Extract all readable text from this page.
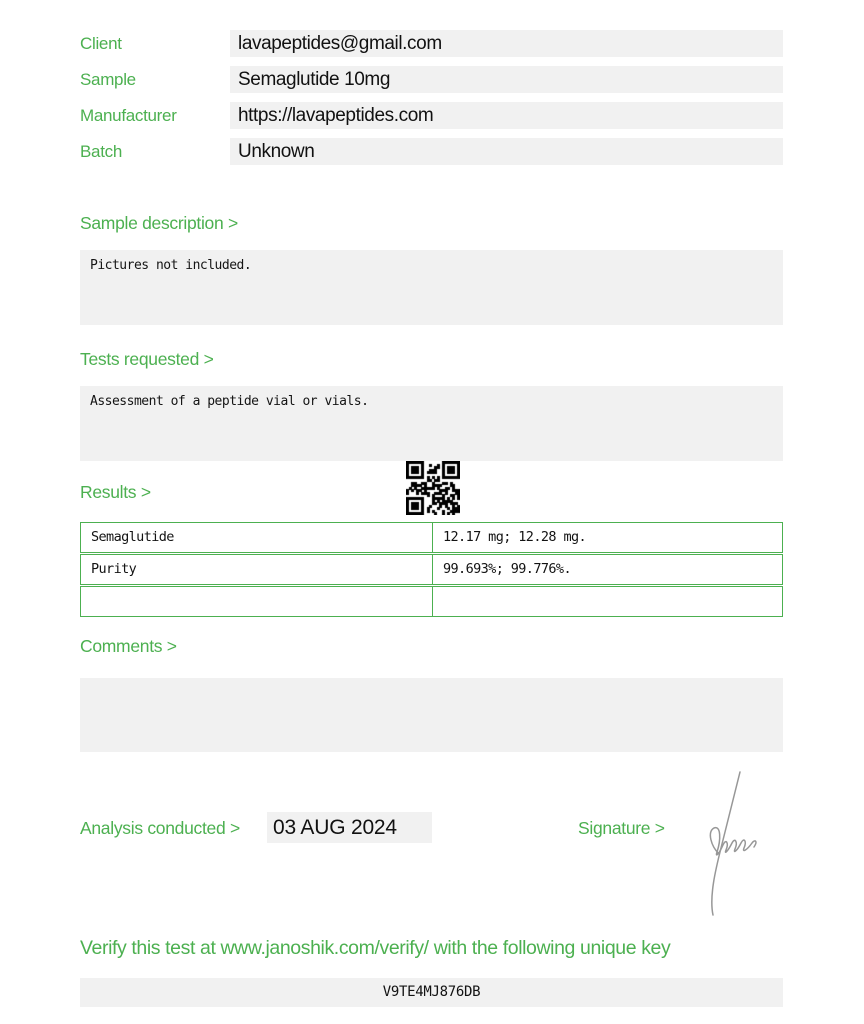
Client	lavapeptides@gmail.com
Sample	Semaglutide 10mg
Manufacturer	https://lavapeptides.com
Batch	Unknown
Sample description >
Pictures not included.
Tests requested >
Assessment of a peptide vial or vials.
Results >
Semaglutide	12.17 mg; 12.28 mg.
Purity	99.693%; 99.776%.
Comments >
Analysis conducted > 03 AUG 2024	Signature >
Verify this test at www.janoshik.com/verify/ with the following unique key
V9TE4MJ876DB
